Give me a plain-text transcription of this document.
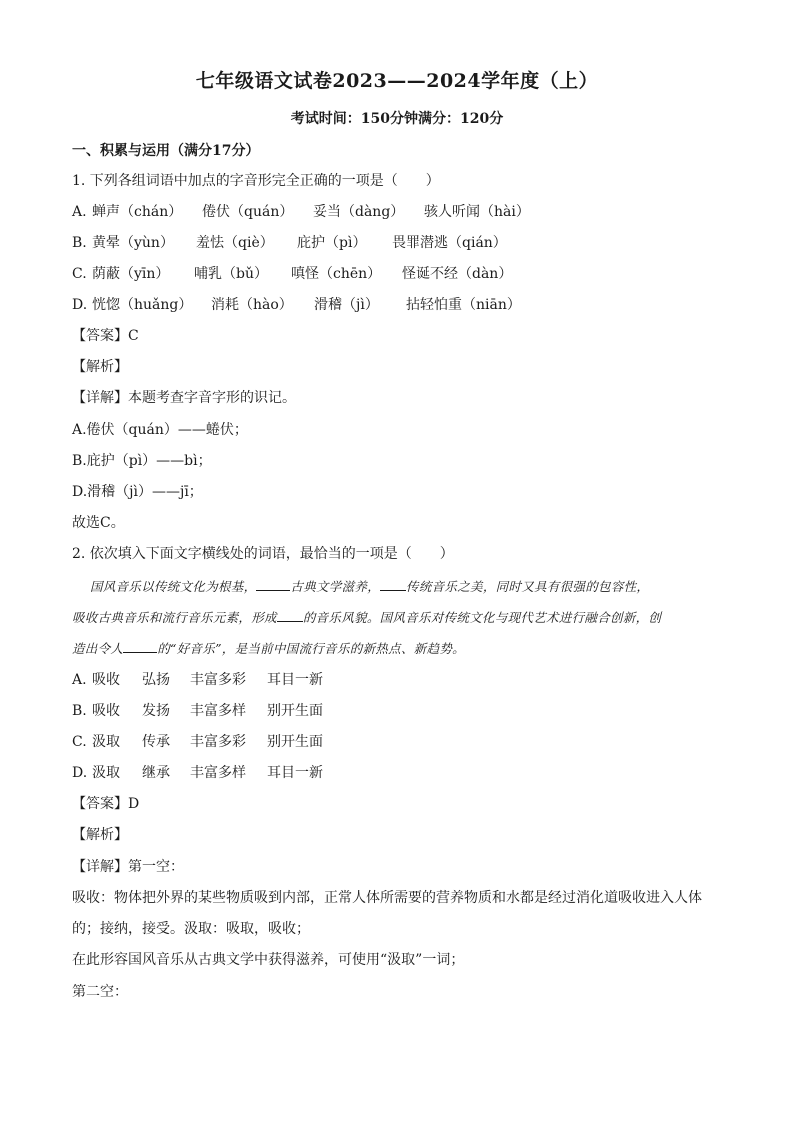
七年级语文试卷2023——2024学年度（上）
考试时间：150分钟满分：120分
一、积累与运用（满分17分）
1. 下列各组词语中加点的字音形完全正确的一项是（　　）
A. 蝉声（chán） 倦伏（quán） 妥当（dàng） 骇人听闻（hài）
B. 黄晕（yùn） 羞怯（qiè） 庇护（pì） 畏罪潜逃（qián）
C. 荫蔽（yīn） 哺乳（bǔ） 嗔怪（chēn） 怪诞不经（dàn）
D. 恍惚（huǎng） 消耗（hào） 滑稽（jì） 拈轻怕重（niān）
【答案】C
【解析】
【详解】本题考查字音字形的识记。
A.倦伏（quán）——蜷伏；
B.庇护（pì）——bì；
D.滑稽（jì）——jī；
故选C。
2. 依次填入下面文字横线处的词语，最恰当的一项是（　　）
国风音乐以传统文化为根基，	古典文学滋养， 传统音乐之美，同时又具有很强的包容性，
吸收古典音乐和流行音乐元素，形成 的音乐风貌。国风音乐对传统文化与现代艺术进行融合创新，创
造出令人	的“好音乐”，是当前中国流行音乐的新热点、新趋势。
A. 吸收 弘扬 丰富多彩 耳目一新
B. 吸收 发扬 丰富多样 别开生面
C. 汲取 传承 丰富多彩 别开生面
D. 汲取 继承 丰富多样 耳目一新
【答案】D
【解析】
【详解】第一空：
吸收：物体把外界的某些物质吸到内部，正常人体所需要的营养物质和水都是经过消化道吸收进入人体
的；接纳，接受。汲取：吸取，吸收；
在此形容国风音乐从古典文学中获得滋养，可使用“汲取”一词；
第二空：
